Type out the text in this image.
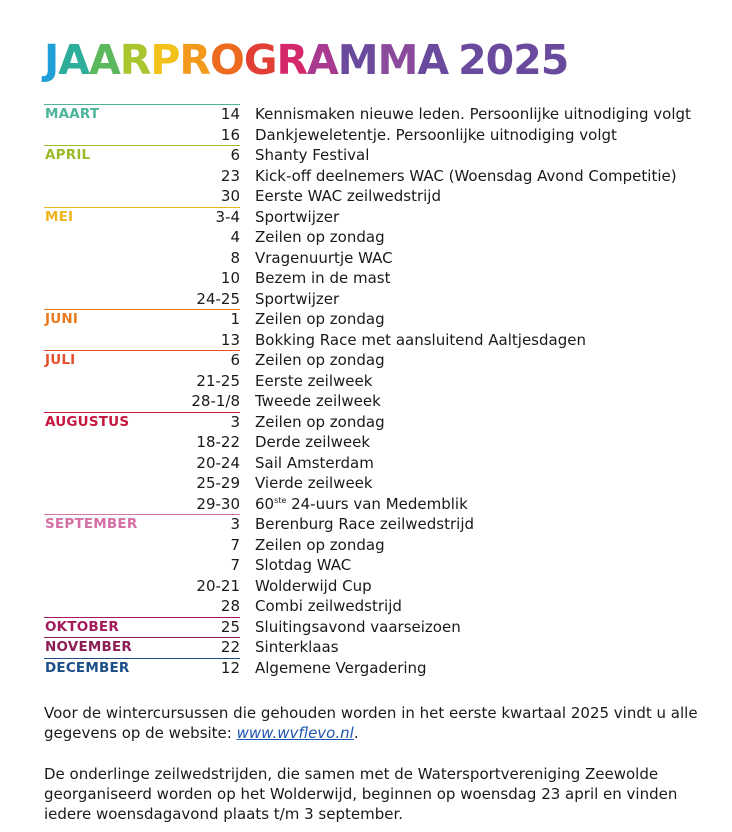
JAARPROGRAMMA 2025
MAART	14 Kennismaken nieuwe leden. Persoonlijke uitnodiging volgt
16 Dankjeweletentje. Persoonlijke uitnodiging volgt
APRIL	6 Shanty Festival
23 Kick-off deelnemers WAC (Woensdag Avond Competitie)
30 Eerste WAC zeilwedstrijd
MEI	3-4 Sportwijzer
4 Zeilen op zondag
8 Vragenuurtje WAC
10 Bezem in de mast
24-25 Sportwijzer
JUNI	1 Zeilen op zondag
13 Bokking Race met aansluitend Aaltjesdagen
JULI	6 Zeilen op zondag
21-25 Eerste zeilweek
28-1/8 Tweede zeilweek
AUGUSTUS	3 Zeilen op zondag
18-22 Derde zeilweek
20-24 Sail Amsterdam
25-29 Vierde zeilweek
29-30 60ste 24-uurs van Medemblik
SEPTEMBER	3 Berenburg Race zeilwedstrijd
7 Zeilen op zondag
7 Slotdag WAC
20-21 Wolderwijd Cup
28 Combi zeilwedstrijd
OKTOBER	25 Sluitingsavond vaarseizoen
NOVEMBER	22 Sinterklaas
DECEMBER	12 Algemene Vergadering
Voor de wintercursussen die gehouden worden in het eerste kwartaal 2025 vindt u alle gegevens op de website: www.wvflevo.nl.
De onderlinge zeilwedstrijden, die samen met de Watersportvereniging Zeewolde georganiseerd worden op het Wolderwijd, beginnen op woensdag 23 april en vinden iedere woensdagavond plaats t/m 3 september.
